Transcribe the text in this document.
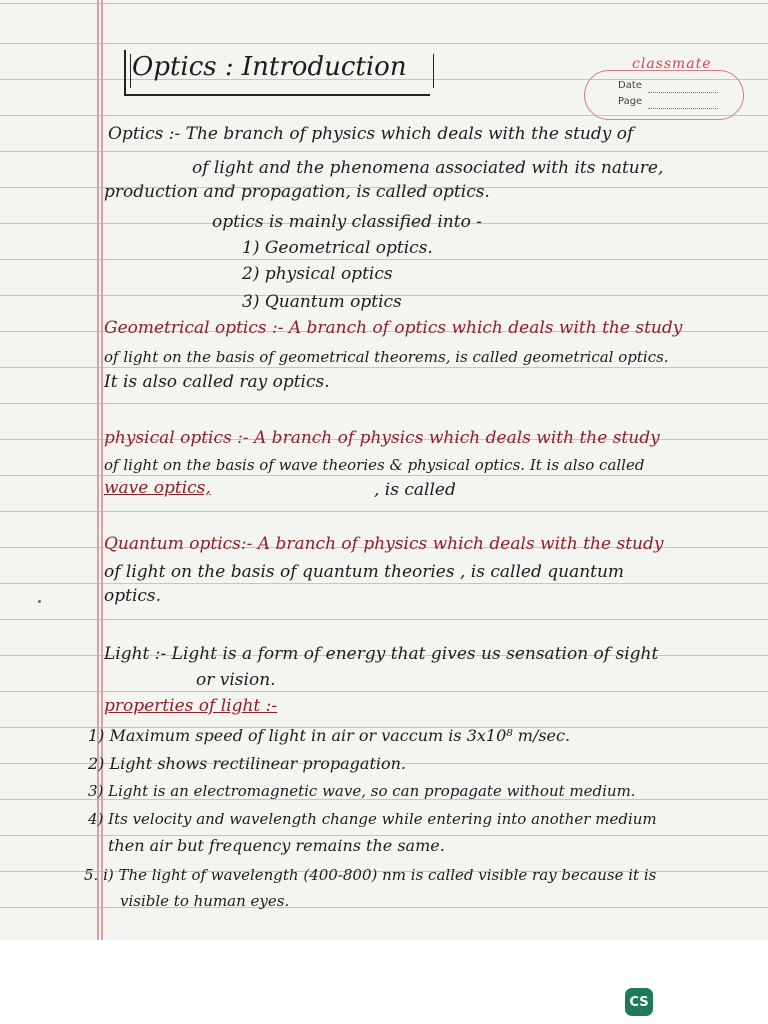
classmate
Date
Page
Optics : Introduction
Optics :- The branch of physics which deals with the study of
of light and the phenomena associated with its nature,
production and propagation, is called optics.
optics is mainly classified into -
1) Geometrical optics.
2) physical optics
3) Quantum optics
Geometrical optics :- A branch of optics which deals with the study
of light on the basis of geometrical theorems, is called geometrical optics.
It is also called ray optics.
physical optics :- A branch of physics which deals with the study
of light on the basis of wave theories & physical optics. It is also called
wave optics,	, is called
Quantum optics:- A branch of physics which deals with the study
of light on the basis of quantum theories , is called quantum
optics.
Light :- Light is a form of energy that gives us sensation of sight
or vision.
properties of light :-
1) Maximum speed of light in air or vaccum is 3x10⁸ m/sec.
2) Light shows rectilinear propagation.
3) Light is an electromagnetic wave, so can propagate without medium.
4) Its velocity and wavelength change while entering into another medium
then air but frequency remains the same.
5. i) The light of wavelength (400-800) nm is called visible ray because it is
visible to human eyes.
CS
